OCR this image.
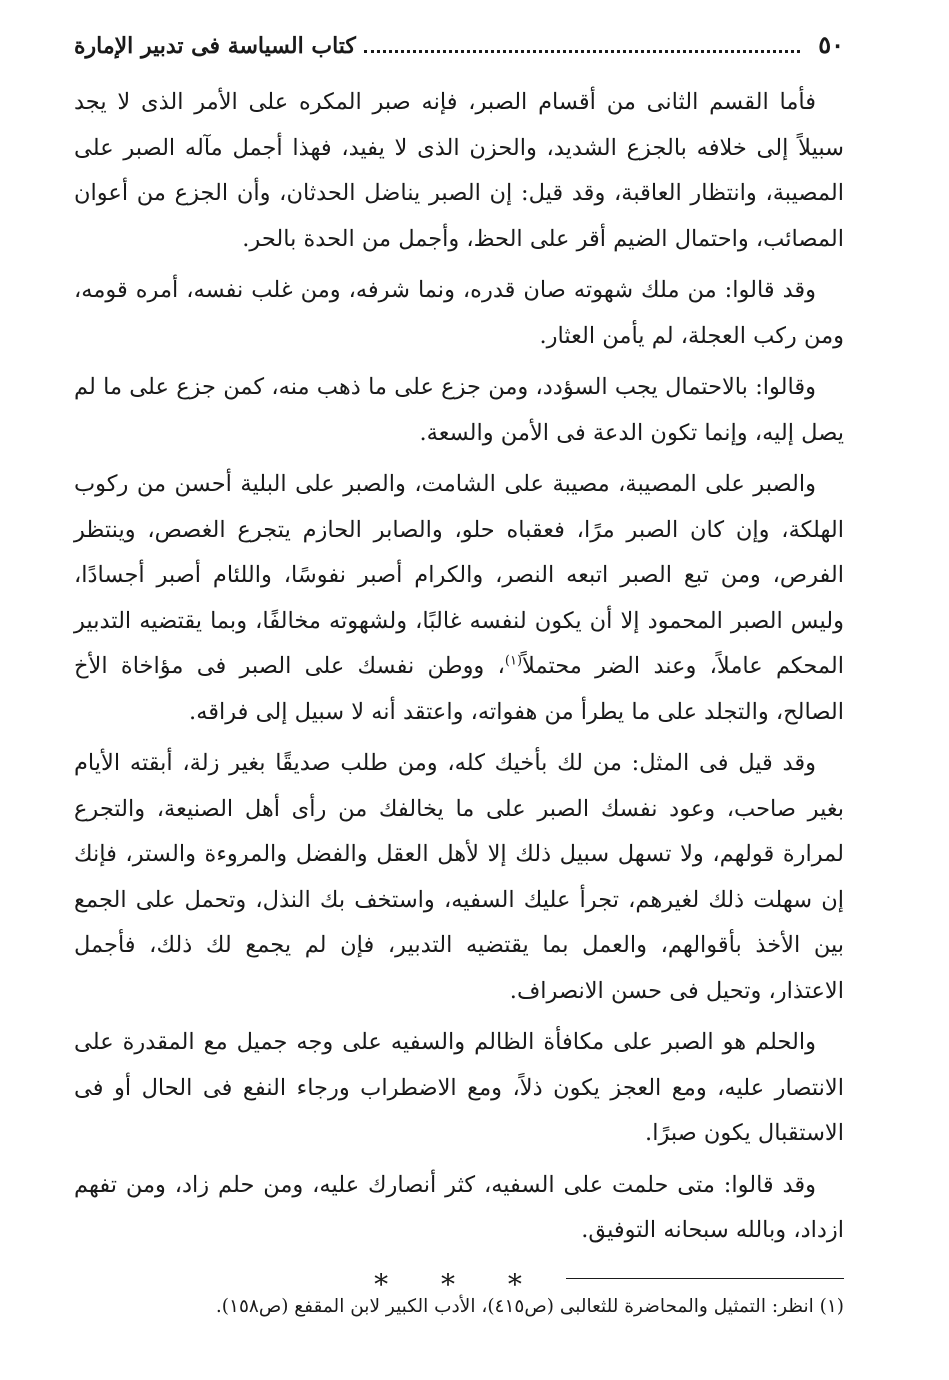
٥٠
كتاب السياسة فى تدبير الإمارة

فأما القسم الثانى من أقسام الصبر، فإنه صبر المكره على الأمر الذى لا يجد سبيلاً إلى خلافه بالجزع الشديد، والحزن الذى لا يفيد، فهذا أجمل مآله الصبر على المصيبة، وانتظار العاقبة، وقد قيل: إن الصبر يناضل الحدثان، وأن الجزع من أعوان المصائب، واحتمال الضيم أقر على الحظ، وأجمل من الحدة بالحر.

وقد قالوا: من ملك شهوته صان قدره، ونما شرفه، ومن غلب نفسه، أمره قومه، ومن ركب العجلة، لم يأمن العثار.

وقالوا: بالاحتمال يجب السؤدد، ومن جزع على ما ذهب منه، كمن جزع على ما لم يصل إليه، وإنما تكون الدعة فى الأمن والسعة.

والصبر على المصيبة، مصيبة على الشامت، والصبر على البلية أحسن من ركوب الهلكة، وإن كان الصبر مرًا، فعقباه حلو، والصابر الحازم يتجرع الغصص، وينتظر الفرص، ومن تبع الصبر اتبعه النصر، والكرام أصبر نفوسًا، واللئام أصبر أجسادًا، وليس الصبر المحمود إلا أن يكون لنفسه غالبًا، ولشهوته مخالفًا، وبما يقتضيه التدبير المحكم عاملاً، وعند الضر محتملاً$^{(١)}$، ووطن نفسك على الصبر فى مؤاخاة الأخ الصالح، والتجلد على ما يطرأ من هفواته، واعتقد أنه لا سبيل إلى فراقه.

وقد قيل فى المثل: من لك بأخيك كله، ومن طلب صديقًا بغير زلة، أبقته الأيام بغير صاحب، وعود نفسك الصبر على ما يخالفك من رأى أهل الصنيعة، والتجرع لمرارة قولهم، ولا تسهل سبيل ذلك إلا لأهل العقل والفضل والمروءة والستر، فإنك إن سهلت ذلك لغيرهم، تجرأ عليك السفيه، واستخف بك النذل، وتحمل على الجمع بين الأخذ بأقوالهم، والعمل بما يقتضيه التدبير، فإن لم يجمع لك ذلك، فأجمل الاعتذار، وتحيل فى حسن الانصراف.

والحلم هو الصبر على مكافأة الظالم والسفيه على وجه جميل مع المقدرة على الانتصار عليه، ومع العجز يكون ذلاً، ومع الاضطراب ورجاء النفع فى الحال أو فى الاستقبال يكون صبرًا.

وقد قالوا: متى حلمت على السفيه، كثر أنصارك عليه، ومن حلم زاد، ومن تفهم ازداد، وبالله سبحانه التوفيق.

* * *
(١) انظر: التمثيل والمحاضرة للثعالبى (ص٤١٥)، الأدب الكبير لابن المقفع (ص١٥٨).
